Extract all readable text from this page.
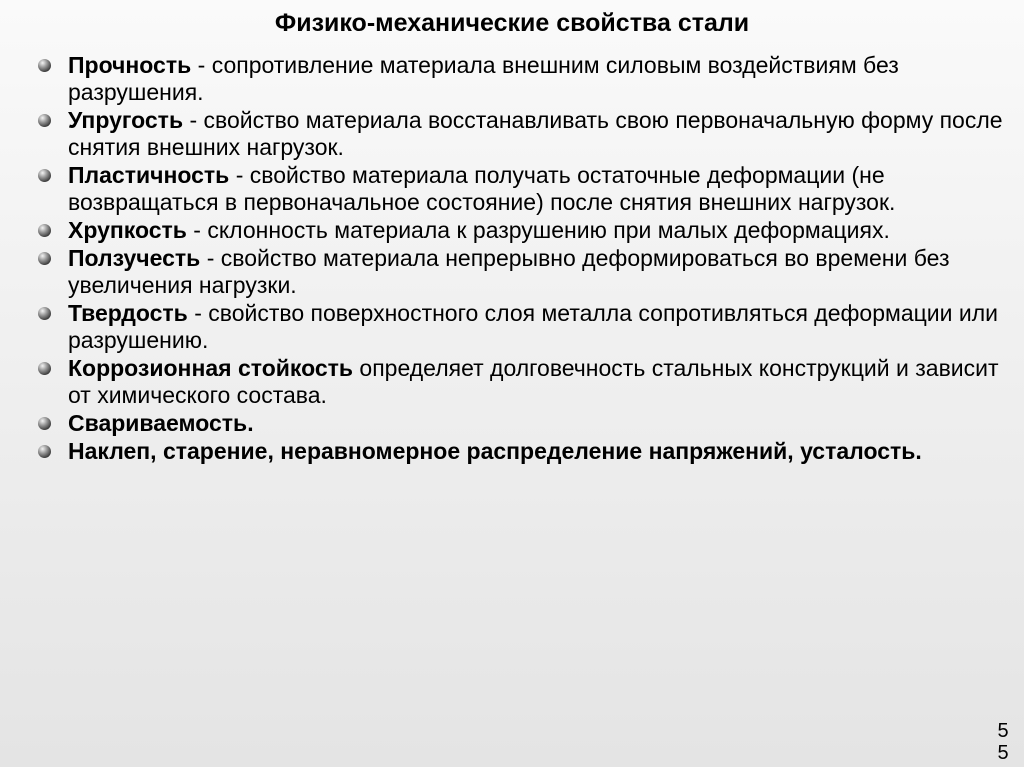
Физико-механические свойства стали
Прочность - сопротивление материала внешним силовым воздействиям без разрушения.
Упругость - свойство материала восстанавливать свою первоначальную форму после снятия внешних нагрузок.
Пластичность - свойство материала получать остаточные деформации (не возвращаться в первоначальное состояние) после снятия внешних нагрузок.
Хрупкость - склонность материала к разрушению при малых деформациях.
Ползучесть - свойство материала непрерывно деформироваться во времени без увеличения нагрузки.
Твердость - свойство поверхностного слоя металла сопротивляться деформации или разрушению.
Коррозионная стойкость определяет долговечность стальных конструкций и зависит от химического состава.
Свариваемость.
Наклеп, старение, неравномерное распределение напряжений, усталость.
55
